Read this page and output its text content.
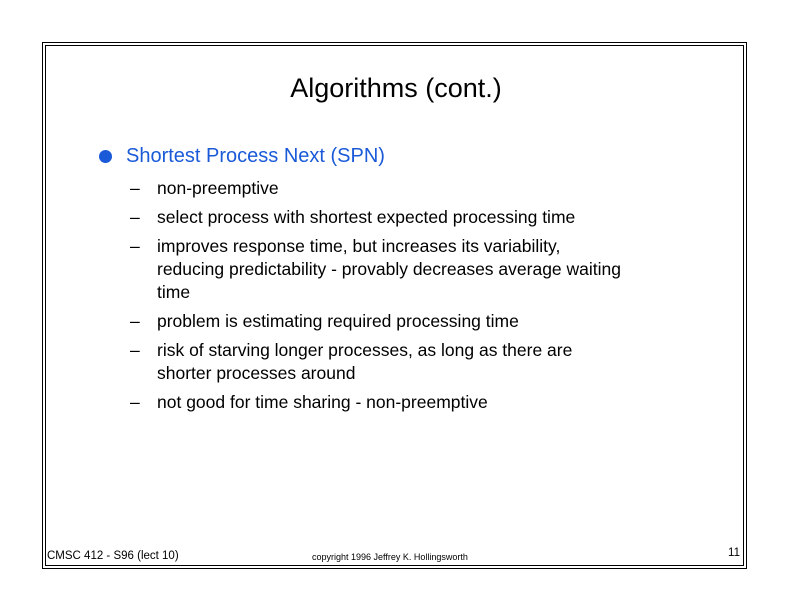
Algorithms (cont.)
Shortest Process Next (SPN)
– non-preemptive
– select process with shortest expected processing time
– improves response time, but increases its variability,
reducing predictability - provably decreases average waiting
time
– problem is estimating required processing time
– risk of starving longer processes, as long as there are
shorter processes around
– not good for time sharing - non-preemptive
CMSC 412 - S96 (lect 10)	copyright 1996 Jeffrey K. Hollingsworth	11
